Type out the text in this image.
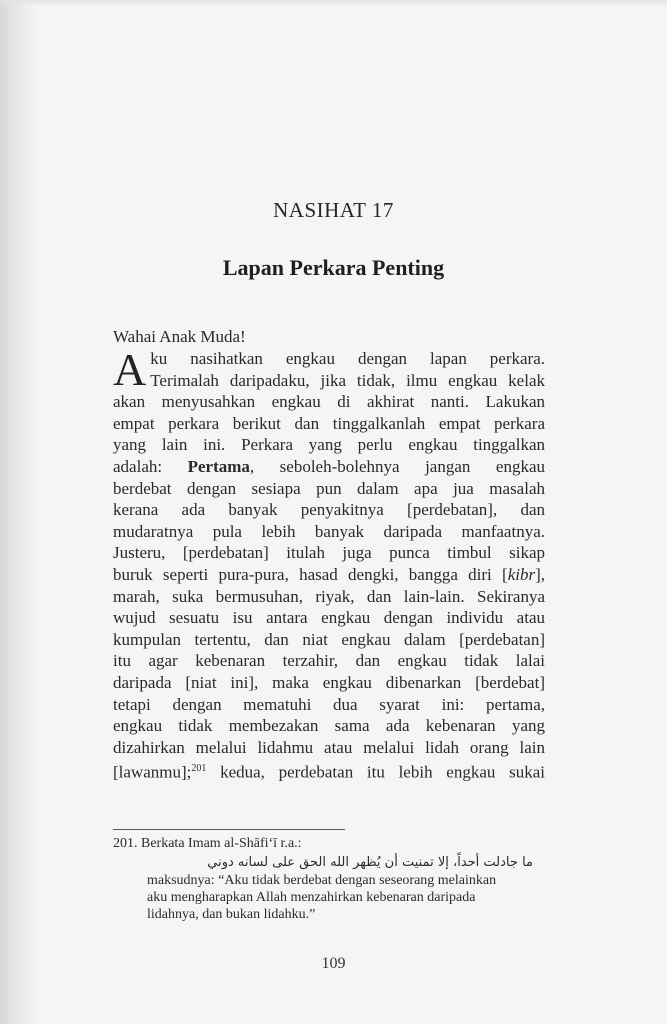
NASIHAT 17
Lapan Perkara Penting
Wahai Anak Muda!
A ku nasihatkan engkau dengan lapan perkara.
Terimalah daripadaku, jika tidak, ilmu engkau kelak
akan menyusahkan engkau di akhirat nanti. Lakukan
empat perkara berikut dan tinggalkanlah empat perkara
yang lain ini. Perkara yang perlu engkau tinggalkan
adalah: Pertama, seboleh-bolehnya jangan engkau
berdebat dengan sesiapa pun dalam apa jua masalah
kerana ada banyak penyakitnya [perdebatan], dan
mudaratnya pula lebih banyak daripada manfaatnya.
Justeru, [perdebatan] itulah juga punca timbul sikap
buruk seperti pura-pura, hasad dengki, bangga diri [kibr],
marah, suka bermusuhan, riyak, dan lain-lain. Sekiranya
wujud sesuatu isu antara engkau dengan individu atau
kumpulan tertentu, dan niat engkau dalam [perdebatan]
itu agar kebenaran terzahir, dan engkau tidak lalai
daripada [niat ini], maka engkau dibenarkan [berdebat]
tetapi dengan mematuhi dua syarat ini: pertama,
engkau tidak membezakan sama ada kebenaran yang
dizahirkan melalui lidahmu atau melalui lidah orang lain
[lawanmu];$^{201}$ kedua, perdebatan itu lebih engkau sukai
201. Berkata Imam al-Shāfi‘ī r.a.:
ما جادلت أحداً، إلا تمنيت أن يُظهر الله الحق على لسانه دوني
maksudnya: “Aku tidak berdebat dengan seseorang melainkan
aku mengharapkan Allah menzahirkan kebenaran daripada
lidahnya, dan bukan lidahku.”
109
